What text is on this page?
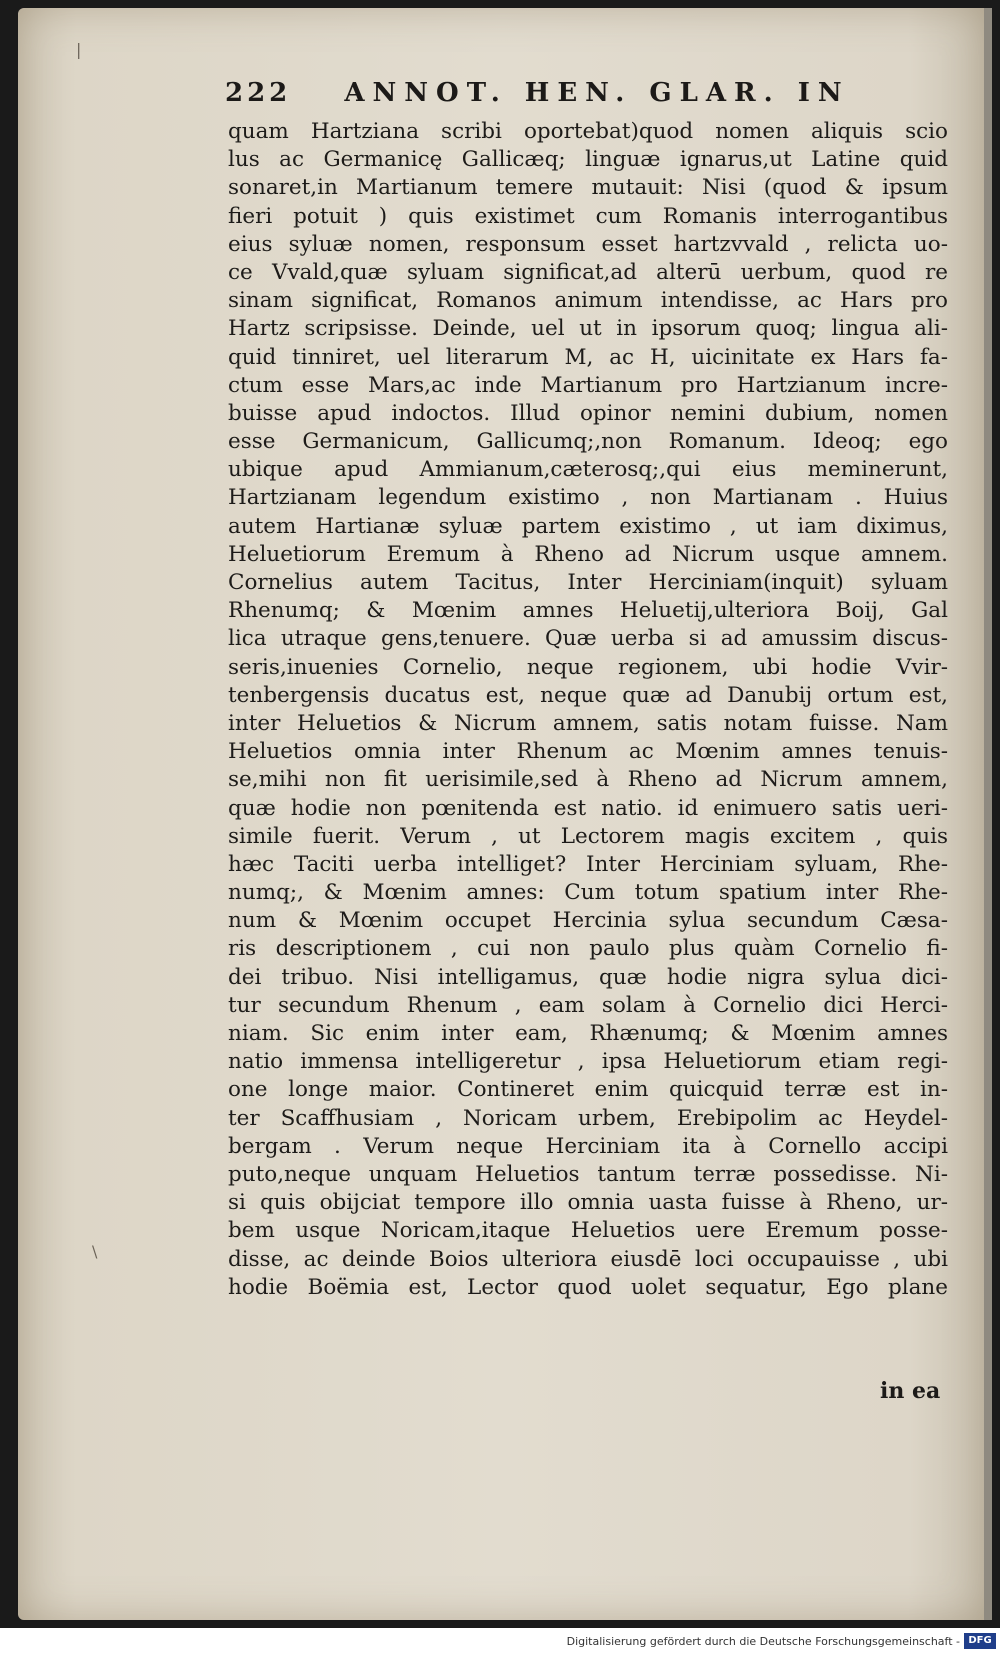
|
\
222 ANNOT. HEN. GLAR. IN
quam Hartziana scribi oportebat)quod nomen aliquis scio
lus ac Germanicę Gallicæq; linguæ ignarus,ut Latine quid
sonaret,in Martianum temere mutauit: Nisi (quod & ipsum
fieri potuit ) quis existimet cum Romanis interrogantibus
eius syluæ nomen, responsum esset hartzvvald , relicta uo-
ce Vvald,quæ syluam significat,ad alterū uerbum, quod re
sinam significat, Romanos animum intendisse, ac Hars pro
Hartz scripsisse. Deinde, uel ut in ipsorum quoq; lingua ali-
quid tinniret, uel literarum M, ac H, uicinitate ex Hars fa-
ctum esse Mars,ac inde Martianum pro Hartzianum incre-
buisse apud indoctos. Illud opinor nemini dubium, nomen
esse Germanicum, Gallicumq;,non Romanum. Ideoq; ego
ubique apud Ammianum,cæterosq;,qui eius meminerunt,
Hartzianam legendum existimo , non Martianam . Huius
autem Hartianæ syluæ partem existimo , ut iam diximus,
Heluetiorum Eremum à Rheno ad Nicrum usque amnem.
Cornelius autem Tacitus, Inter Herciniam(inquit) syluam
Rhenumq; & Mœnim amnes Heluetij,ulteriora Boij, Gal
lica utraque gens,tenuere. Quæ uerba si ad amussim discus-
seris,inuenies Cornelio, neque regionem, ubi hodie Vvir-
tenbergensis ducatus est, neque quæ ad Danubij ortum est,
inter Heluetios & Nicrum amnem, satis notam fuisse. Nam
Heluetios omnia inter Rhenum ac Mœnim amnes tenuis-
se,mihi non fit uerisimile,sed à Rheno ad Nicrum amnem,
quæ hodie non pœnitenda est natio. id enimuero satis ueri-
simile fuerit. Verum , ut Lectorem magis excitem , quis
hæc Taciti uerba intelliget? Inter Herciniam syluam, Rhe-
numq;, & Mœnim amnes: Cum totum spatium inter Rhe-
num & Mœnim occupet Hercinia sylua secundum Cæsa-
ris descriptionem , cui non paulo plus quàm Cornelio fi-
dei tribuo. Nisi intelligamus, quæ hodie nigra sylua dici-
tur secundum Rhenum , eam solam à Cornelio dici Herci-
niam. Sic enim inter eam, Rhænumq; & Mœnim amnes
natio immensa intelligeretur , ipsa Heluetiorum etiam regi-
one longe maior. Contineret enim quicquid terræ est in-
ter Scaffhusiam , Noricam urbem, Erebipolim ac Heydel-
bergam . Verum neque Herciniam ita à Cornello accipi
puto,neque unquam Heluetios tantum terræ possedisse. Ni-
si quis obijciat tempore illo omnia uasta fuisse à Rheno, ur-
bem usque Noricam,itaque Heluetios uere Eremum posse-
disse, ac deinde Boios ulteriora eiusdē loci occupauisse , ubi
hodie Boëmia est, Lector quod uolet sequatur, Ego plane
in ea
Digitalisierung gefördert durch die Deutsche Forschungsgemeinschaft - DFG
